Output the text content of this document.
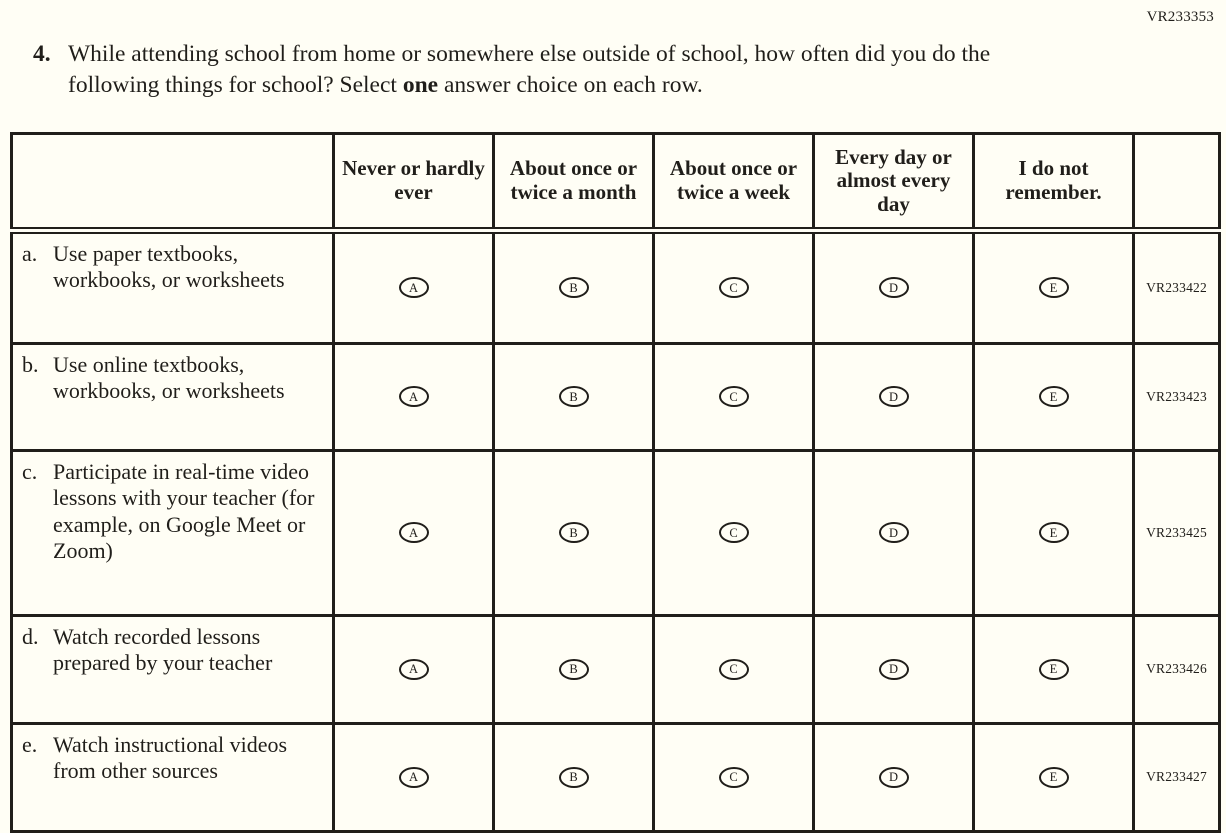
VR233353
4. While attending school from home or somewhere else outside of school, how often did you do the following things for school? Select one answer choice on each row.
	Never or hardly ever	About once or twice a month	About once or twice a week	Every day or almost every day	I do not remember.	

a. Use paper textbooks, workbooks, or worksheets	A	B	C	D	E	VR233422

b. Use online textbooks, workbooks, or worksheets	A	B	C	D	E	VR233423

c. Participate in real-time video lessons with your teacher (for example, on Google Meet or Zoom)	A	B	C	D	E	VR233425

d. Watch recorded lessons prepared by your teacher	A	B	C	D	E	VR233426

e. Watch instructional videos from other sources	A	B	C	D	E	VR233427
